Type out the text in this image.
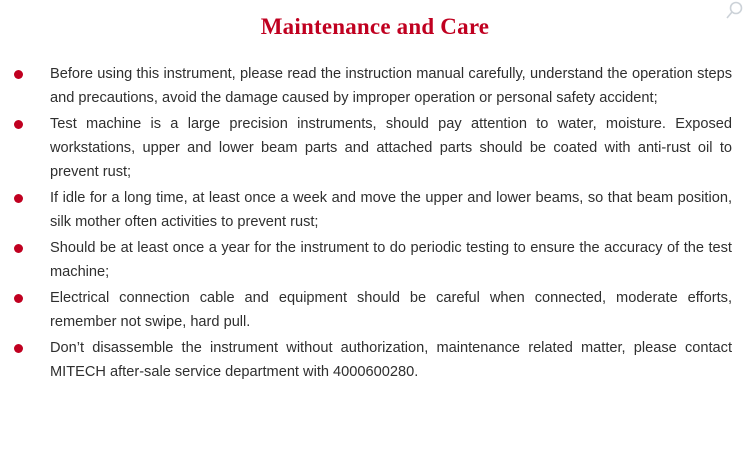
Maintenance and Care
Before using this instrument, please read the instruction manual carefully, understand the operation steps and precautions, avoid the damage caused by improper operation or personal safety accident;
Test machine is a large precision instruments, should pay attention to water, moisture. Exposed workstations, upper and lower beam parts and attached parts should be coated with anti-rust oil to prevent rust;
If idle for a long time, at least once a week and move the upper and lower beams, so that beam position, silk mother often activities to prevent rust;
Should be at least once a year for the instrument to do periodic testing to ensure the accuracy of the test machine;
Electrical connection cable and equipment should be careful when connected, moderate efforts, remember not swipe, hard pull.
Don’t disassemble the instrument without authorization, maintenance related matter, please contact MITECH after-sale service department with 4000600280.
